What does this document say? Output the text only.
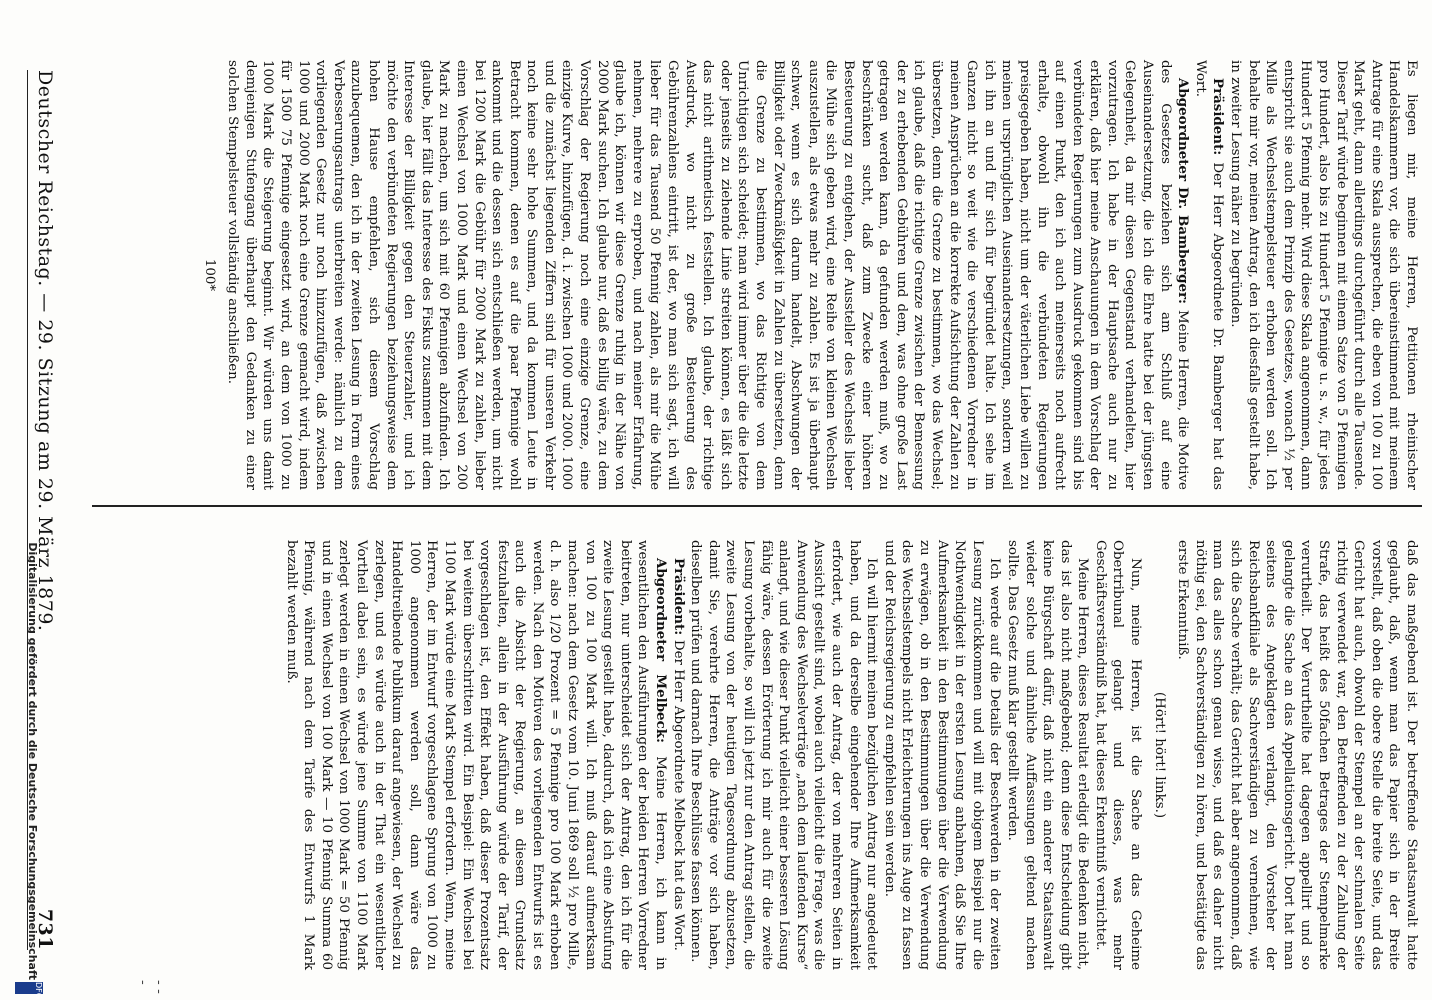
daß das maßgebend ist. Der betreffende Staatsanwalt hatte geglaubt, daß, wenn man das Papier sich in der Breite vorstellt, daß oben die obere Stelle die breite Seite, und das Gericht hat auch, obwohl der Stempel an der schmalen Seite richtig verwendet war, den Betreffenden zu der Zahlung der Strafe, das heißt des 50fachen Betrages der Stempelmarke verurtheilt. Der Verurtheilte hat dagegen appellirt und so gelangte die Sache an das Appellationsgericht. Dort hat man seitens des Angeklagten verlangt, den Vorsteher der Reichsbankfiliale als Sachverständigen zu vernehmen, wie sich die Sache verhält; das Gericht hat aber angenommen, daß man das alles schon genau wisse, und daß es daher nicht nöthig sei, den Sachverständigen zu hören, und bestätigte das erste Erkenntniß.

(Hört! hört! links.)

Nun, meine Herren, ist die Sache an das Geheime Obertribunal gelangt und dieses, was mehr Geschäftsverständniß hat, hat dieses Erkenntniß vernichtet.

Meine Herren, dieses Resultat erledigt die Bedenken nicht, das ist also nicht maßgebend; denn diese Entscheidung gibt keine Bürgschaft dafür, daß nicht ein anderer Staatsanwalt wieder solche und ähnliche Auffassungen geltend machen sollte. Das Gesetz muß klar gestellt werden.

Ich werde auf die Details der Beschwerden in der zweiten Lesung zurückkommen und will mit obigem Beispiel nur die Nothwendigkeit in der ersten Lesung anbahnen, daß Sie Ihre Aufmerksamkeit in den Bestimmungen über die Verwendung zu erwägen, ob in den Bestimmungen über die Verwendung des Wechselstempels nicht Erleichterungen ins Auge zu fassen und der Reichsregierung zu empfehlen sein werden.

Ich will hiermit meinen bezüglichen Antrag nur angedeutet haben, und da derselbe eingehender Ihre Aufmerksamkeit erfordert, wie auch der Antrag, der von mehreren Seiten in Aussicht gestellt sind, wobei auch vielleicht die Frage, was die Anwendung des Wechselverträge „nach dem laufenden Kurse“ anlangt, und wie dieser Punkt vielleicht einer besseren Lösung fähig wäre, dessen Erörterung ich mir auch für die zweite Lesung vorbehalte, so will ich jetzt nur den Antrag stellen, die zweite Lesung von der heutigen Tagesordnung abzusetzen, damit Sie, verehrte Herren, die Anträge vor sich haben, dieselben prüfen und darnach Ihre Beschlüsse fassen können.

Präsident: Der Herr Abgeordnete Melbeck hat das Wort.

Abgeordneter Melbeck: Meine Herren, ich kann in wesentlichen den Ausführungen der beiden Herren Vorredner beitreten, nur unterscheidet sich der Antrag, den ich für die zweite Lesung gestellt habe, dadurch, daß ich eine Abstufung von 100 zu 100 Mark will. Ich muß darauf aufmerksam machen: nach dem Gesetz vom 10. Juni 1869 soll ½ pro Mille, d. h. also 1/20 Prozent = 5 Pfennige pro 100 Mark erhoben werden. Nach den Motiven des vorliegenden Entwurfs ist es auch die Absicht der Regierung, an diesem Grundsatz festzuhalten, allein in der Ausführung würde der Tarif, der vorgeschlagen ist, den Effekt haben, daß dieser Prozentsatz bei weitem überschritten wird. Ein Beispiel: Ein Wechsel bei 1100 Mark würde eine Mark Stempel erfordern. Wenn, meine Herren, der im Entwurf vorgeschlagene Sprung von 1000 zu 1000 angenommen werden soll, dann wäre das Handeltreibende Publikum darauf angewiesen, der Wechsel zu zerlegen, und es würde auch in der That ein wesentlicher Vortheil dabei sein, es würde jene Summe von 1100 Mark zerlegt werden in einen Wechsel von 1000 Mark = 50 Pfennig und in einen Wechsel von 100 Mark — 10 Pfennig Summa 60 Pfennig, während nach dem Tarife des Entwurfs 1 Mark bezahlt werden muß.

Es liegen mir, meine Herren, Petitionen rheinischer Handelskammern vor, die sich übereinstimmend mit meinem Antrage für eine Skala aussprechen, die eben von 100 zu 100 Mark geht, dann allerdings durchgeführt durch alle Tausende. Dieser Tarif würde beginnen mit einem Satze von 5 Pfennigen pro Hundert, also bis zu Hundert 5 Pfennige u. s. w., für jedes Hundert 5 Pfennig mehr. Wird diese Skala angenommen, dann entspricht sie auch dem Prinzip des Gesetzes, wonach ½ per Mille als Wechselstempelsteuer erhoben werden soll. Ich behalte mir vor, meinen Antrag, den ich diesfalls gestellt habe, in zweiter Lesung näher zu begründen.

Präsident: Der Herr Abgeordnete Dr. Bamberger hat das Wort.

Abgeordneter Dr. Bamberger: Meine Herren, die Motive des Gesetzes beziehen sich am Schluß auf eine Auseinandersetzung, die ich die Ehre hatte bei der jüngsten Gelegenheit, da mir diesen Gegenstand verhandelten, hier vorzutragen. Ich habe in der Hauptsache auch nur zu erklären, daß hier meine Anschauungen in dem Vorschlag der verbündeten Regierungen zum Ausdruck gekommen sind bis auf einen Punkt, den ich auch meinerseits noch aufrecht erhalte, obwohl ihn die verbündeten Regierungen preisgegeben haben, nicht um der väterlichen Liebe willen zu meinen ursprünglichen Auseinandersetzungen, sondern weil ich ihn an und für sich für begründet halte. Ich sehe im Ganzen nicht so weit wie die verschiedenen Vorredner in meinen Ansprüchen an die korrekte Aufsichtung der Zahlen zu übersetzen, denn die Grenze zu bestimmen, wo das Wechsel; ich glaube, daß die richtige Grenze zwischen der Bemessung der zu erhebenden Gebühren und dem, was ohne große Last getragen werden kann, da gefunden werden muß, wo zu beschränken sucht, daß zum Zwecke einer höheren Besteuerung zu entgehen, der Aussteller des Wechsels lieber die Mühe sich geben wird, eine Reihe von kleinen Wechseln auszustellen, als etwas mehr zu zahlen. Es ist ja überhaupt schwer, wenn es sich darum handelt, Abschwungen der Billigkeit oder Zweckmäßigkeit in Zahlen zu übersetzen, denn die Grenze zu bestimmen, wo das Richtige von dem Unrichtigen sich scheidet; man wird immer über die die letzte oder jenseits zu ziehende Linie streiten können, es läßt sich das nicht arithmetisch feststellen. Ich glaube, der richtige Ausdruck, wo nicht zu große Besteuerung des Gebührenzahlens eintritt, ist der, wo man sich sagt, ich will lieber für das Tausend 50 Pfennig zahlen, als mir die Mühe nehmen, mehrere zu erproben, und nach meiner Erfahrung, glaube ich, können wir diese Grenze ruhig in der Nähe von 2000 Mark suchen. Ich glaube nur, daß es billig wäre, zu dem Vorschlag der Regierung noch eine einzige Grenze, eine einzige Kurve, hinzufügen, d. i. zwischen 1000 und 2000. 1000 und die zunächst liegenden Ziffern sind für unseren Verkehr noch keine sehr hohe Summen, und da kommen Leute in Betracht kommen, denen es auf die paar Pfennige wohl ankommt und die dessen sich entschließen werden, um nicht bei 1200 Mark die Gebühr für 2000 Mark zu zahlen, lieber einen Wechsel von 1000 Mark und einen Wechsel von 200 Mark zu machen, um sich mit 60 Pfennigen abzufinden. Ich glaube, hier fällt das Interesse des Fiskus zusammen mit dem Interesse der Billigkeit gegen den Steuerzahler, und ich möchte den verbündeten Regierungen beziehungsweise dem hohen Hause empfehlen, sich diesem Vorschlag anzubequemen, den ich in der zweiten Lesung in Form eines Verbesserungsantrags unterbreiten werde: nämlich zu dem vorliegenden Gesetz nur noch hinzuzufügen, daß zwischen 1000 und 2000 Mark noch eine Grenze gemacht wird, indem für 1500 75 Pfennige eingesetzt wird, an dem von 1000 zu 1000 Mark die Steigerung beginnt. Wir würden uns damit demjenigen Stufengang überhaupt den Gedanken zu einer solchen Stempelsteuer vollständig anschließen.

100*

Deutscher Reichstag. — 29. Sitzung am 29. März 1879.
731
- - -
Digitalisierung gefördert durch die Deutsche Forschungsgemeinschaft
DFG
